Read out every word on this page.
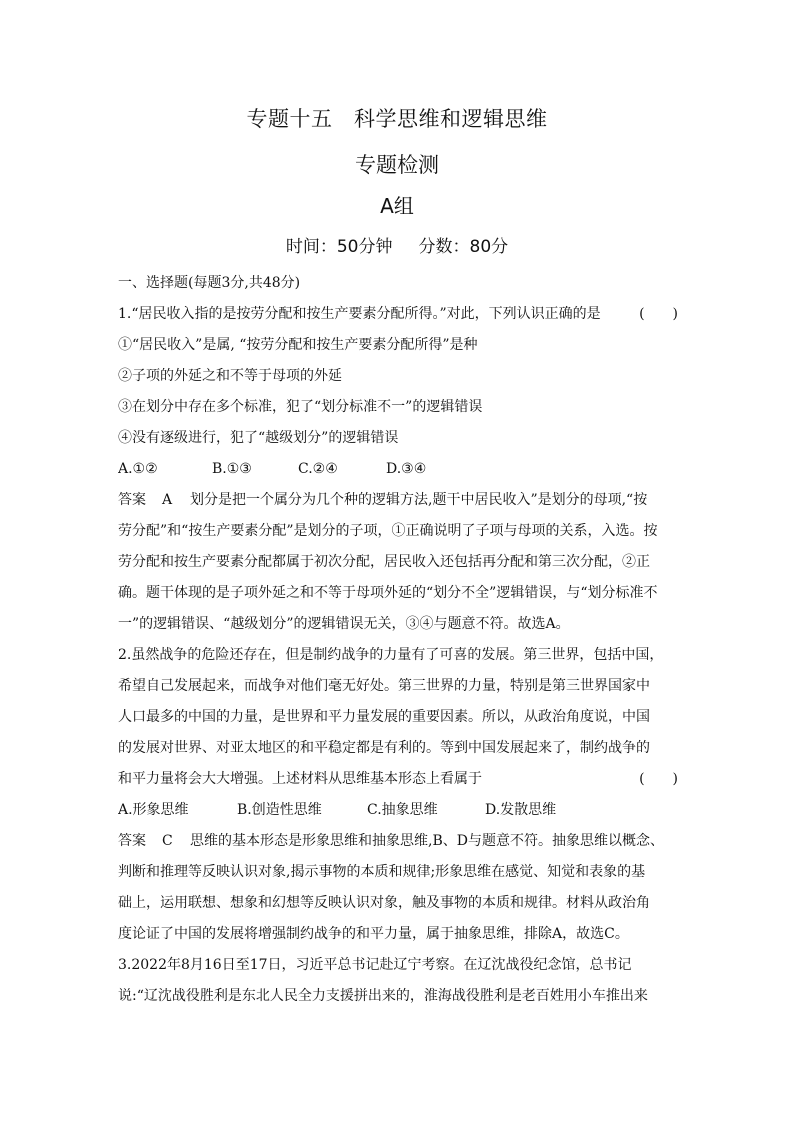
专题十五　科学思维和逻辑思维
专题检测
A组
时间：50分钟 分数：80分
一、选择题(每题3分,共48分)
1.“居民收入指的是按劳分配和按生产要素分配所得。”对此，下列认识正确的是	(　　)
①“居民收入”是属, “按劳分配和按生产要素分配所得”是种
②子项的外延之和不等于母项的外延
③在划分中存在多个标准，犯了“划分标准不一”的逻辑错误
④没有逐级进行，犯了“越级划分”的逻辑错误
A.①②	B.①③	C.②④	D.③④
答案 A 划分是把一个属分为几个种的逻辑方法,题干中居民收入”是划分的母项,“按
劳分配”和“按生产要素分配”是划分的子项，①正确说明了子项与母项的关系，入选。按
劳分配和按生产要素分配都属于初次分配，居民收入还包括再分配和第三次分配，②正
确。题干体现的是子项外延之和不等于母项外延的“划分不全”逻辑错误，与“划分标准不
一”的逻辑错误、“越级划分”的逻辑错误无关，③④与题意不符。故选A。
2.虽然战争的危险还存在，但是制约战争的力量有了可喜的发展。第三世界，包括中国，
希望自己发展起来，而战争对他们毫无好处。第三世界的力量，特别是第三世界国家中
人口最多的中国的力量，是世界和平力量发展的重要因素。所以，从政治角度说，中国
的发展对世界、对亚太地区的和平稳定都是有利的。等到中国发展起来了，制约战争的
和平力量将会大大增强。上述材料从思维基本形态上看属于	(　　)
A.形象思维	B.创造性思维	C.抽象思维	D.发散思维
答案 C 思维的基本形态是形象思维和抽象思维,B、D与题意不符。抽象思维以概念、
判断和推理等反映认识对象,揭示事物的本质和规律;形象思维在感觉、知觉和表象的基
础上，运用联想、想象和幻想等反映认识对象，触及事物的本质和规律。材料从政治角
度论证了中国的发展将增强制约战争的和平力量，属于抽象思维，排除A，故选C。
3.2022年8月16日至17日，习近平总书记赴辽宁考察。在辽沈战役纪念馆，总书记
说:“辽沈战役胜利是东北人民全力支援拼出来的，淮海战役胜利是老百姓用小车推出来
